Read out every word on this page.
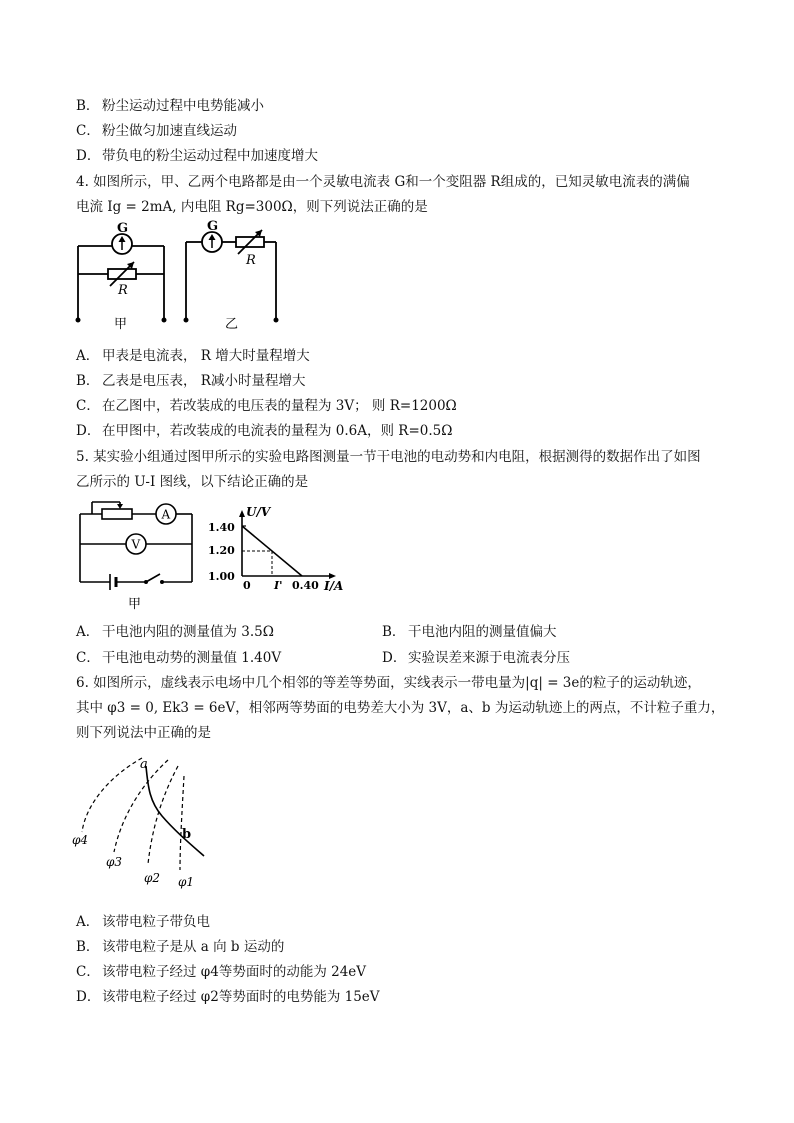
B． 粉尘运动过程中电势能减小
C． 粉尘做匀加速直线运动
D． 带负电的粉尘运动过程中加速度增大
4. 如图所示，甲、乙两个电路都是由一个灵敏电流表 G和一个变阻器 R组成的，已知灵敏电流表的满偏
电流 Ig = 2mA, 内电阻 Rg=300Ω，则下列说法正确的是
G	G
R
R
甲	乙
A． 甲表是电流表， R 增大时量程增大
B． 乙表是电压表， R减小时量程增大
C． 在乙图中，若改装成的电压表的量程为 3V； 则 R=1200Ω
D． 在甲图中，若改装成的电流表的量程为 0.6A，则 R=0.5Ω
5. 某实验小组通过图甲所示的实验电路图测量一节干电池的电动势和内电阻，根据测得的数据作出了如图
乙所示的 U-I 图线，以下结论正确的是
A
V
甲
U/V
I/A
0
1.40
1.20
1.00
0.40
I'
A． 干电池内阻的测量值为 3.5Ω	B． 干电池内阻的测量值偏大
C． 干电池电动势的测量值 1.40V	D． 实验误差来源于电流表分压
6. 如图所示，虚线表示电场中几个相邻的等差等势面，实线表示一带电量为|q| = 3e的粒子的运动轨迹，
其中 φ3 = 0, Ek3 = 6eV，相邻两等势面的电势差大小为 3V，a、b 为运动轨迹上的两点，不计粒子重力，
则下列说法中正确的是
a
b
φ4
φ3
φ2 φ1
A． 该带电粒子带负电
B． 该带电粒子是从 a 向 b 运动的
C． 该带电粒子经过 φ4等势面时的动能为 24eV
D． 该带电粒子经过 φ2等势面时的电势能为 15eV
